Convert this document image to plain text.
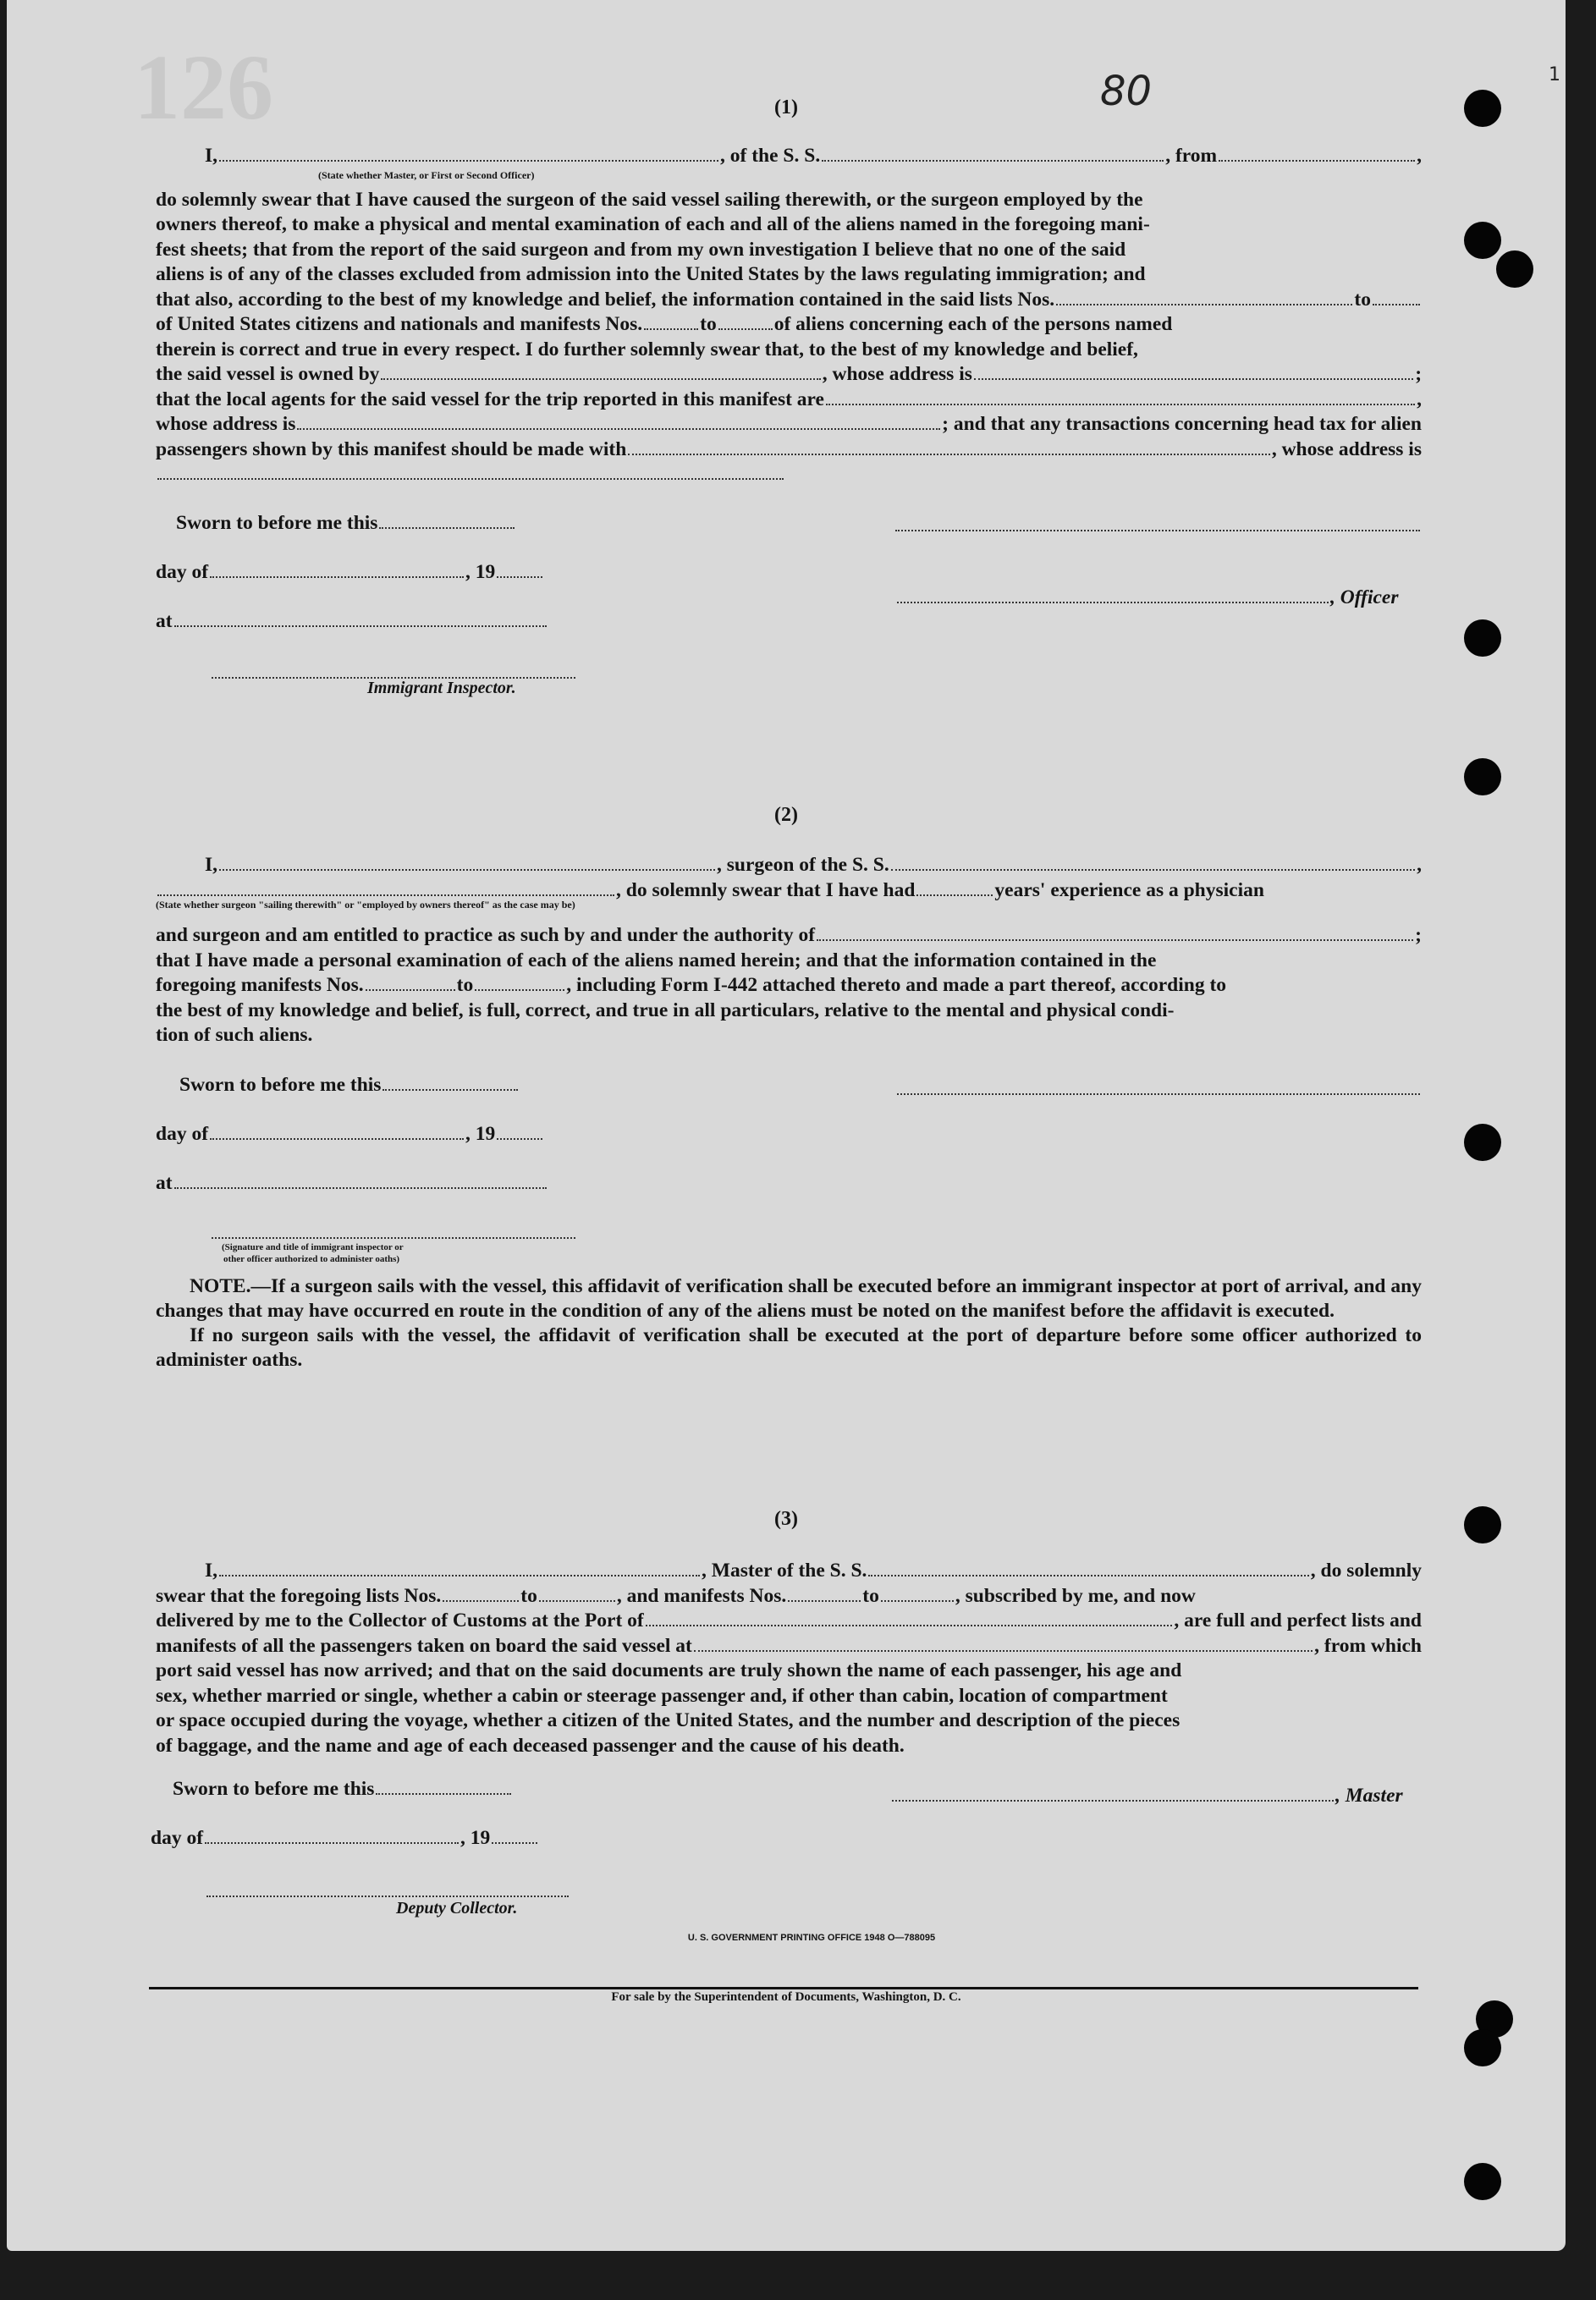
126	80	1
(1)
I,	, of the S. S.	, from	,
do solemnly swear that I have caused the surgeon of the said vessel sailing therewith, or the surgeon employed by the
owners thereof, to make a physical and mental examination of each and all of the aliens named in the foregoing mani-
fest sheets; that from the report of the said surgeon and from my own investigation I believe that no one of the said
aliens is of any of the classes excluded from admission into the United States by the laws regulating immigration; and
that also, according to the best of my knowledge and belief, the information contained in the said lists Nos.	to
of United States citizens and nationals and manifests Nos.	to	of aliens concerning each of the persons named
therein is correct and true in every respect. I do further solemnly swear that, to the best of my knowledge and belief,
the said vessel is owned by	, whose address is	;
that the local agents for the said vessel for the trip reported in this manifest are	,
whose address is	; and that any transactions concerning head tax for alien
passengers shown by this manifest should be made with	, whose address is
(State whether Master, or First or Second Officer)
Sworn to before me this
day of	, 19
at
Immigrant Inspector.
, Officer
(2)
I,	, surgeon of the S. S.	,
, do solemnly swear that I have had	years' experience as a physician
and surgeon and am entitled to practice as such by and under the authority of	;
that I have made a personal examination of each of the aliens named herein; and that the information contained in the
foregoing manifests Nos.	to	, including Form I-442 attached thereto and made a part thereof, according to
the best of my knowledge and belief, is full, correct, and true in all particulars, relative to the mental and physical condi-
tion of such aliens.
(State whether surgeon "sailing therewith" or "employed by owners thereof" as the case may be)
Sworn to before me this
day of	, 19
at
(Signature and title of immigrant inspector or
other officer authorized to administer oaths)
NOTE.—If a surgeon sails with the vessel, this affidavit of verification shall be executed before an immigrant inspector at port of arrival, and any changes that may have occurred en route in the condition of any of the aliens must be noted on the manifest before the affidavit is executed.
If no surgeon sails with the vessel, the affidavit of verification shall be executed at the port of departure before some officer authorized to administer oaths.
(3)
I,	, Master of the S. S.	, do solemnly
swear that the foregoing lists Nos.	to	, and manifests Nos.	to	, subscribed by me, and now
delivered by me to the Collector of Customs at the Port of	, are full and perfect lists and
manifests of all the passengers taken on board the said vessel at	, from which
port said vessel has now arrived; and that on the said documents are truly shown the name of each passenger, his age and
sex, whether married or single, whether a cabin or steerage passenger and, if other than cabin, location of compartment
or space occupied during the voyage, whether a citizen of the United States, and the number and description of the pieces
of baggage, and the name and age of each deceased passenger and the cause of his death.
Sworn to before me this	, Master
day of	, 19
Deputy Collector.
U. S. GOVERNMENT PRINTING OFFICE 1948 O—788095
For sale by the Superintendent of Documents, Washington, D. C.
